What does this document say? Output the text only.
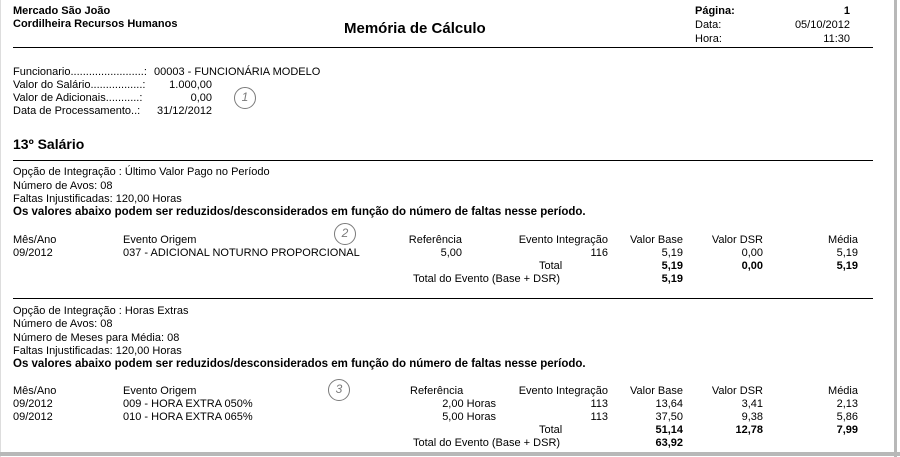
Mercado São João
Cordilheira Recursos Humanos	Memória de Cálculo
Página:	1
Data:	05/10/2012
Hora:	11:30
Funcionario........................: 00003 - FUNCIONÁRIA MODELO
Valor do Salário.................:	1.000,00
Valor de Adicionais...........:	0,00
Data de Processamento..: 31/12/2012
1
13º Salário
Opção de Integração : Último Valor Pago no Período
Número de Avos: 08
Faltas Injustificadas: 120,00 Horas
Os valores abaixo podem ser reduzidos/desconsiderados em função do número de faltas nesse período.
2
Mês/Ano	Evento Origem	Referência	Evento Integração	Valor Base	Valor DSR	Média
09/2012	037 - ADICIONAL NOTURNO PROPORCIONAL	5,00	116	5,19	0,00	5,19
Total	5,19	0,00	5,19
Total do Evento (Base + DSR)	5,19
Opção de Integração : Horas Extras
Número de Avos: 08
Número de Meses para Média: 08
Faltas Injustificadas: 120,00 Horas
Os valores abaixo podem ser reduzidos/desconsiderados em função do número de faltas nesse período.
3
Mês/Ano	Evento Origem	Referência	Evento Integração	Valor Base	Valor DSR	Média
09/2012	009 - HORA EXTRA 050%	2,00 Horas	113	13,64	3,41	2,13
09/2012	010 - HORA EXTRA 065%	5,00 Horas	113	37,50	9,38	5,86
Total	51,14	12,78	7,99
Total do Evento (Base + DSR)	63,92
